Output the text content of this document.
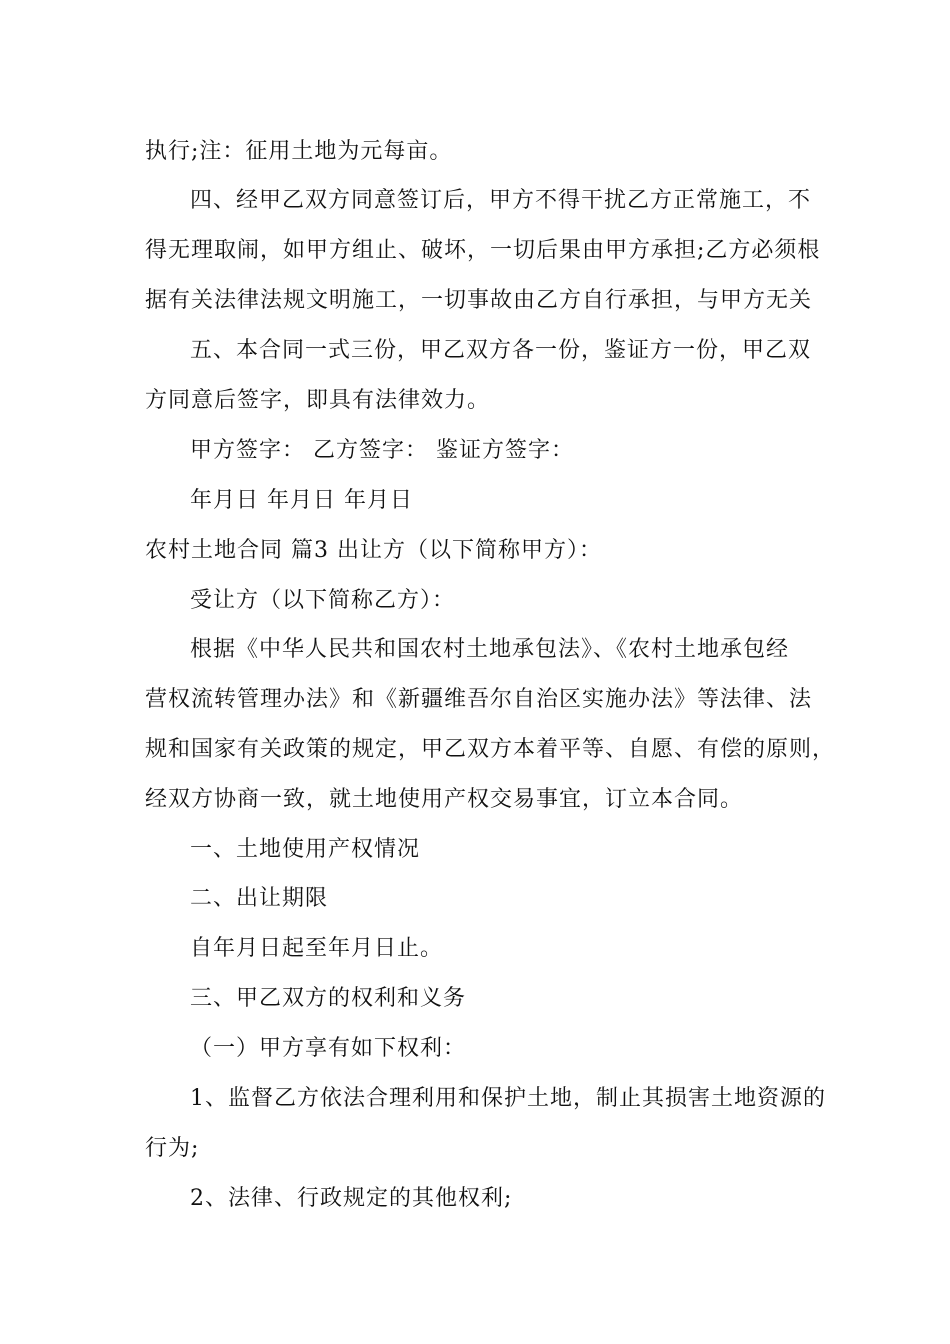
执行;注：征用土地为元每亩。
四、经甲乙双方同意签订后，甲方不得干扰乙方正常施工，不
得无理取闹，如甲方组止、破坏，一切后果由甲方承担;乙方必须根
据有关法律法规文明施工，一切事故由乙方自行承担，与甲方无关
五、本合同一式三份，甲乙双方各一份，鉴证方一份，甲乙双
方同意后签字，即具有法律效力。
甲方签字： 乙方签字： 鉴证方签字：
年月日 年月日 年月日
农村土地合同 篇3 出让方（以下简称甲方）：
受让方（以下简称乙方）：
根据《中华人民共和国农村土地承包法》、《农村土地承包经
营权流转管理办法》和《新疆维吾尔自治区实施办法》等法律、法
规和国家有关政策的规定，甲乙双方本着平等、自愿、有偿的原则，
经双方协商一致，就土地使用产权交易事宜，订立本合同。
一、土地使用产权情况
二、出让期限
自年月日起至年月日止。
三、甲乙双方的权利和义务
（一）甲方享有如下权利：
1、监督乙方依法合理利用和保护土地，制止其损害土地资源的
行为;
2、法律、行政规定的其他权利;
